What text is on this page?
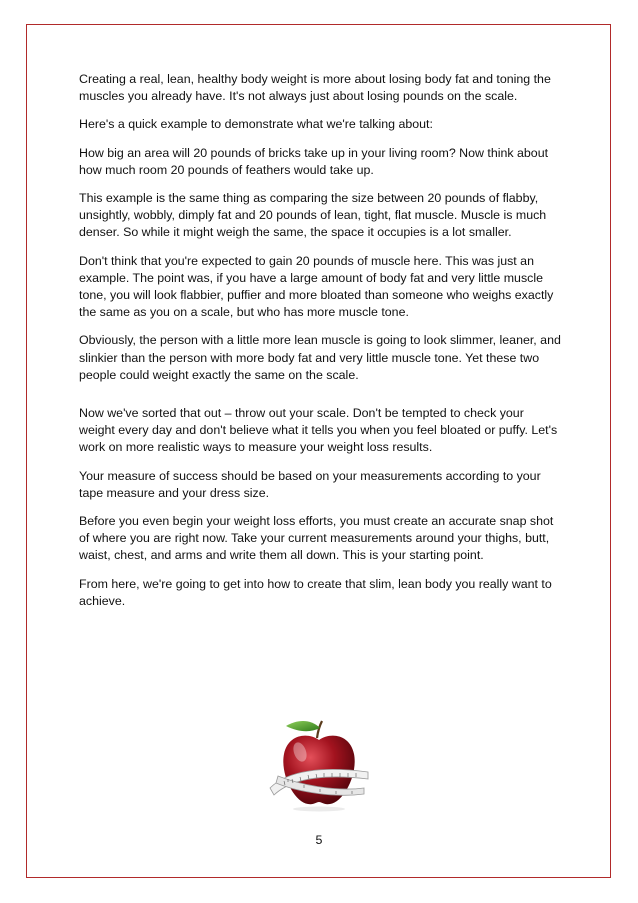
Creating a real, lean, healthy body weight is more about losing body fat and toning the muscles you already have. It's not always just about losing pounds on the scale.

Here's a quick example to demonstrate what we're talking about:

How big an area will 20 pounds of bricks take up in your living room? Now think about how much room 20 pounds of feathers would take up.

This example is the same thing as comparing the size between 20 pounds of flabby, unsightly, wobbly, dimply fat and 20 pounds of lean, tight, flat muscle. Muscle is much denser. So while it might weigh the same, the space it occupies is a lot smaller.

Don't think that you're expected to gain 20 pounds of muscle here. This was just an example. The point was, if you have a large amount of body fat and very little muscle tone, you will look flabbier, puffier and more bloated than someone who weighs exactly the same as you on a scale, but who has more muscle tone.

Obviously, the person with a little more lean muscle is going to look slimmer, leaner, and slinkier than the person with more body fat and very little muscle tone. Yet these two people could weight exactly the same on the scale.

Now we've sorted that out – throw out your scale. Don't be tempted to check your weight every day and don't believe what it tells you when you feel bloated or puffy. Let's work on more realistic ways to measure your weight loss results.

Your measure of success should be based on your measurements according to your tape measure and your dress size.

Before you even begin your weight loss efforts, you must create an accurate snap shot of where you are right now. Take your current measurements around your thighs, butt, waist, chest, and arms and write them all down. This is your starting point.

From here, we're going to get into how to create that slim, lean body you really want to achieve.

5
